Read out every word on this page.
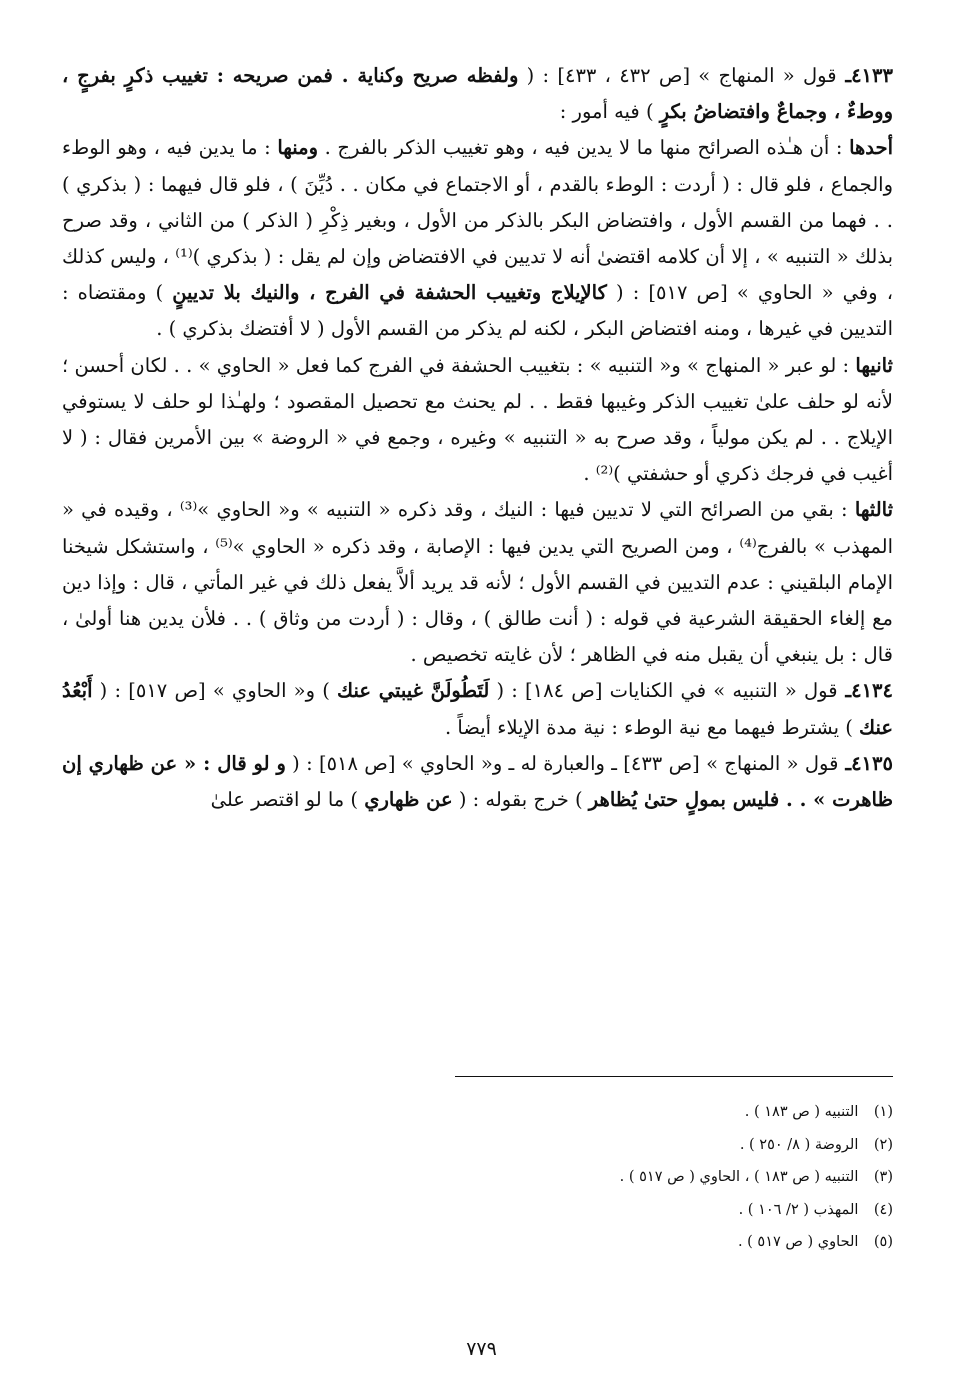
٤١٣٣ـ قول « المنهاج » [ص ٤٣٢ ، ٤٣٣] : ( ولفظه صريح وكناية . فمن صريحه : تغييب ذكرٍ بفرجٍ ، ووطءٌ ، وجماعٌ وافتضاضُ بكرٍ ) فيه أمور :

أحدها : أن هـٰذه الصرائح منها ما لا يدين فيه ، وهو تغييب الذكر بالفرج . ومنها : ما يدين فيه ، وهو الوطء والجماع ، فلو قال : ( أردت : الوطء بالقدم ، أو الاجتماع في مكان . . دُيِّنَ ) ، فلو قال فيهما : ( بذكري ) . . فهما من القسم الأول ، وافتضاض البكر بالذكر من الأول ، وبغير ذِكْرِ ( الذكر ) من الثاني ، وقد صرح بذلك « التنبيه » ، إلا أن كلامه اقتضىٰ أنه لا تديين في الافتضاض وإن لم يقل : ( بذكري )⁽¹⁾ ، وليس كذلك ، وفي « الحاوي » [ص ٥١٧] : ( كالإيلاج وتغييب الحشفة في الفرج ، والنيك بلا تديينٍ ) ومقتضاه : التديين في غيرها ، ومنه افتضاض البكر ، لكنه لم يذكر من القسم الأول ( لا أفتضك بذكري ) .

ثانيها : لو عبر « المنهاج » و« التنبيه » : بتغييب الحشفة في الفرج كما فعل « الحاوي » . . لكان أحسن ؛ لأنه لو حلف علىٰ تغييب الذكر وغيبها فقط . . لم يحنث مع تحصيل المقصود ؛ ولهـٰذا لو حلف لا يستوفي الإيلاج . . لم يكن مولياً ، وقد صرح به « التنبيه » وغيره ، وجمع في « الروضة » بين الأمرين فقال : ( لا أغيب في فرجك ذكري أو حشفتي )⁽²⁾ .

ثالثها : بقي من الصرائح التي لا تديين فيها : النيك ، وقد ذكره « التنبيه » و« الحاوي »⁽³⁾ ، وقيده في « المهذب » بالفرج⁽⁴⁾ ، ومن الصريح التي يدين فيها : الإصابة ، وقد ذكره « الحاوي »⁽⁵⁾ ، واستشكل شيخنا الإمام البلقيني : عدم التديين في القسم الأول ؛ لأنه قد يريد ألاَّ يفعل ذلك في غير المأتي ، قال : وإذا دين مع إلغاء الحقيقة الشرعية في قوله : ( أنت طالق ) ، وقال : ( أردت من وثاق ) . . فلأن يدين هنا أولىٰ ، قال : بل ينبغي أن يقبل منه في الظاهر ؛ لأن غايته تخصيص .

٤١٣٤ـ قول « التنبيه » في الكنايات [ص ١٨٤] : ( لَتَطُولَنَّ غيبتي عنك ) و« الحاوي » [ص ٥١٧] : ( أَبْعُدُ عنك ) يشترط فيهما مع نية الوطء : نية مدة الإيلاء أيضاً .

٤١٣٥ـ قول « المنهاج » [ص ٤٣٣] ـ والعبارة له ـ و« الحاوي » [ص ٥١٨] : ( و لو قال : « عن ظهاري إن ظاهرت » . . فليس بمولٍ حتىٰ يُظاهر ) خرج بقوله : ( عن ظهاري ) ما لو اقتصر علىٰ

(١) التنبيه ( ص ١٨٣ ) .
(٢) الروضة ( ٨/ ٢٥٠ ) .
(٣) التنبيه ( ص ١٨٣ ) ، الحاوي ( ص ٥١٧ ) .
(٤) المهذب ( ٢/ ١٠٦ ) .
(٥) الحاوي ( ص ٥١٧ ) .
٧٧٩
